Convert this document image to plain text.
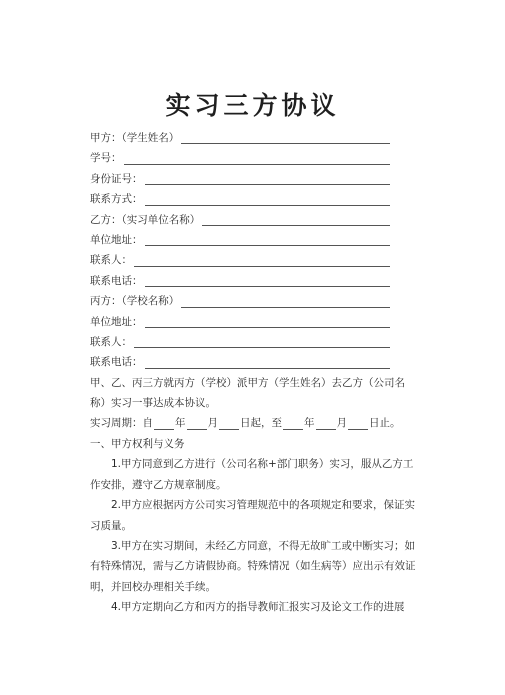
实习三方协议
甲方：（学生姓名）
学号：
身份证号：
联系方式：
乙方：（实习单位名称）
单位地址：
联系人：
联系电话：
丙方：（学校名称）
单位地址：
联系人：
联系电话：

甲、乙、丙三方就丙方（学校）派甲方（学生姓名）去乙方（公司名称）实习一事达成本协议。

实习周期：自 年 月 日起，至 年 月 日止。

一、甲方权利与义务

1.甲方同意到乙方进行（公司名称+部门职务）实习，服从乙方工作安排，遵守乙方规章制度。

2.甲方应根据丙方公司实习管理规范中的各项规定和要求，保证实习质量。

3.甲方在实习期间，未经乙方同意，不得无故旷工或中断实习；如有特殊情况，需与乙方请假协商。特殊情况（如生病等）应出示有效证明，并回校办理相关手续。

4.甲方定期向乙方和丙方的指导教师汇报实习及论文工作的进展
